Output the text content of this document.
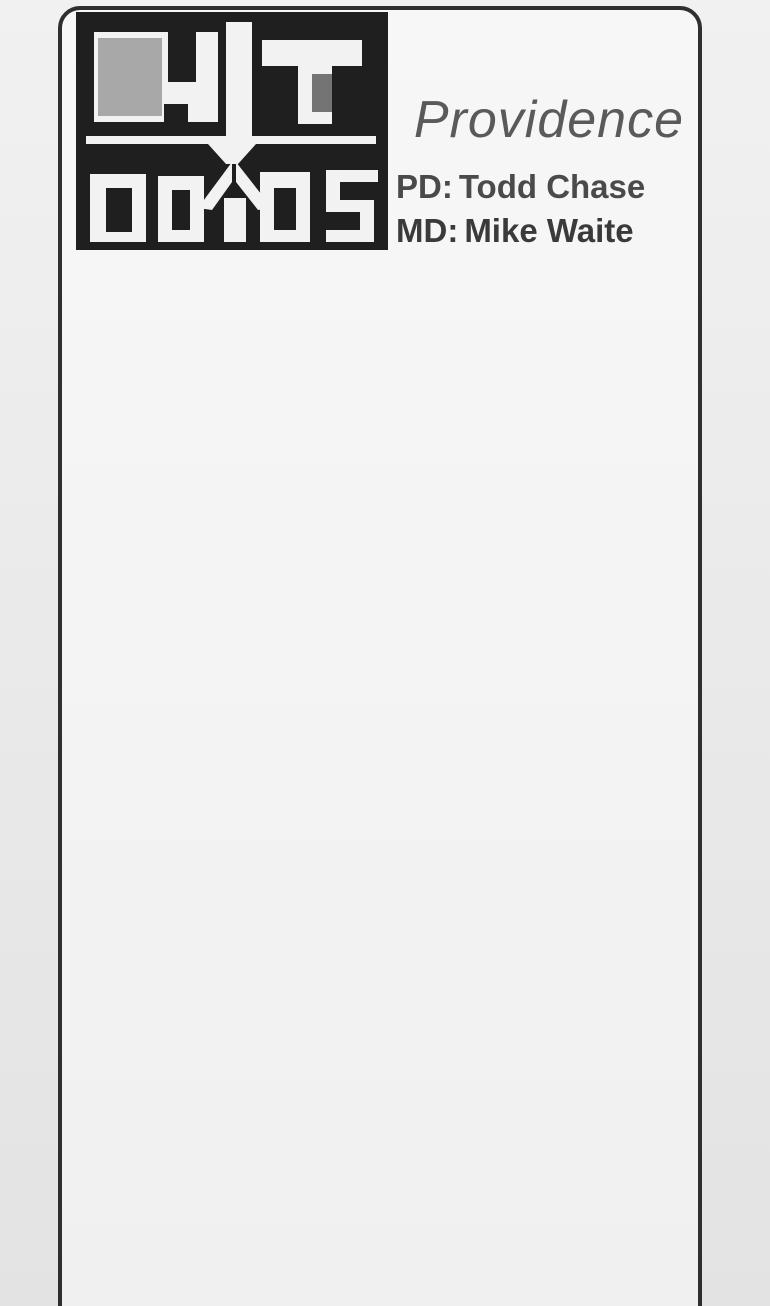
Providence
PD: Todd Chase
MD: Mike Waite
